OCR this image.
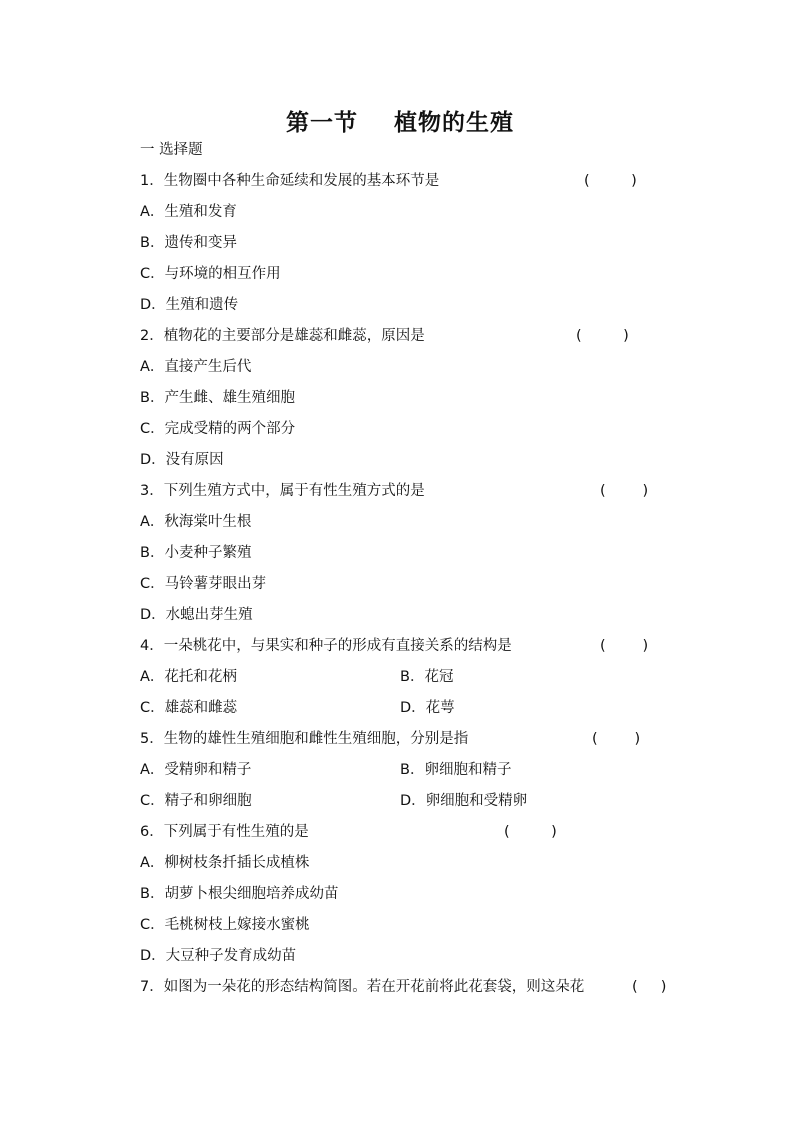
第一节    植物的生殖
一 选择题
1．生物圈中各种生命延续和发展的基本环节是	(         )
A．生殖和发育
B．遗传和变异
C．与环境的相互作用
D．生殖和遗传
2．植物花的主要部分是雄蕊和雌蕊，原因是	(         )
A．直接产生后代
B．产生雌、雄生殖细胞
C．完成受精的两个部分
D．没有原因
3．下列生殖方式中，属于有性生殖方式的是	(        )
A．秋海棠叶生根
B．小麦种子繁殖
C．马铃薯芽眼出芽
D．水螅出芽生殖
4．一朵桃花中，与果实和种子的形成有直接关系的结构是	(        )
A．花托和花柄	B．花冠
C．雄蕊和雌蕊	D．花萼
5．生物的雄性生殖细胞和雌性生殖细胞，分别是指	(        )
A．受精卵和精子	B．卵细胞和精子
C．精子和卵细胞	D．卵细胞和受精卵
6．下列属于有性生殖的是	(         )
A．柳树枝条扦插长成植株
B．胡萝卜根尖细胞培养成幼苗
C．毛桃树枝上嫁接水蜜桃
D．大豆种子发育成幼苗
7．如图为一朵花的形态结构简图。若在开花前将此花套袋，则这朵花	(     )
